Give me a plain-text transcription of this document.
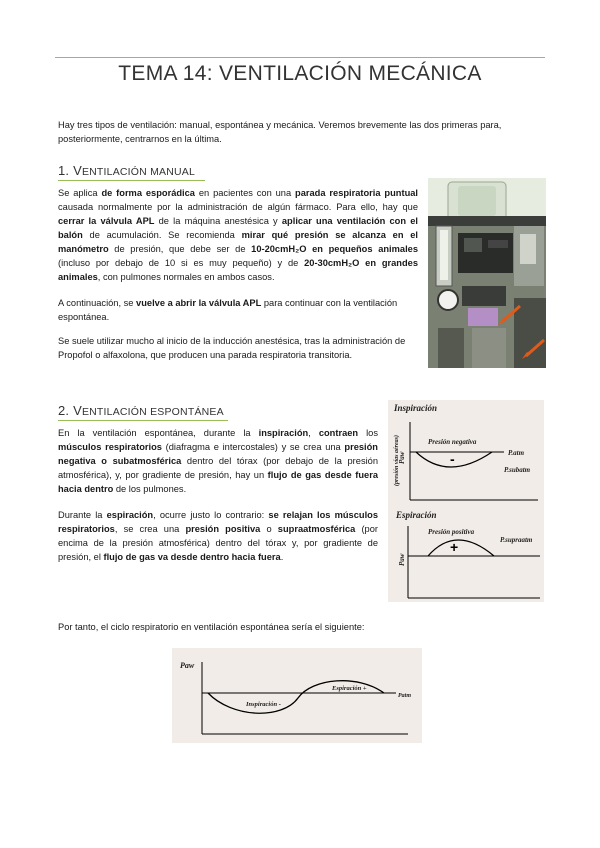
TEMA 14: VENTILACIÓN MECÁNICA

Hay tres tipos de ventilación: manual, espontánea y mecánica. Veremos brevemente las dos primeras para,
posteriormente, centrarnos en la última.

1. VENTILACIÓN MANUAL

Se aplica de forma esporádica en pacientes con una parada respiratoria puntual causada normalmente por la administración de algún fármaco. Para ello, hay que cerrar la válvula APL de la máquina anestésica y aplicar una ventilación con el balón de acumulación. Se recomienda mirar qué presión se alcanza en el manómetro de presión, que debe ser de 10-20cmH₂O en pequeños animales (incluso por debajo de 10 si es muy pequeño) y de 20-30cmH₂O en grandes animales, con pulmones normales en ambos casos.

A continuación, se vuelve a abrir la válvula APL para continuar con la ventilación espontánea.

Se suele utilizar mucho al inicio de la inducción anestésica, tras la administración de Propofol o alfaxolona, que producen una parada respiratoria transitoria.

2. VENTILACIÓN ESPONTÁNEA

En la ventilación espontánea, durante la inspiración, contraen los músculos respiratorios (diafragma e intercostales) y se crea una presión negativa o subatmosférica dentro del tórax (por debajo de la presión atmosférica), y, por gradiente de presión, hay un flujo de gas desde fuera hacia dentro de los pulmones.

Durante la espiración, ocurre justo lo contrario: se relajan los músculos respiratorios, se crea una presión positiva o supraatmosférica (por encima de la presión atmosférica) dentro del tórax y, por gradiente de presión, el flujo de gas va desde dentro hacia fuera.

Inspiración
Paw
(presión vías aéreas)	Presión negativa
-	P.atm
P.subatm
Espiración
Paw
Presión positiva
+	P.supraatm

Por tanto, el ciclo respiratorio en ventilación espontánea sería el siguiente:

Paw
Inspiración -
Espiración +
Patm
